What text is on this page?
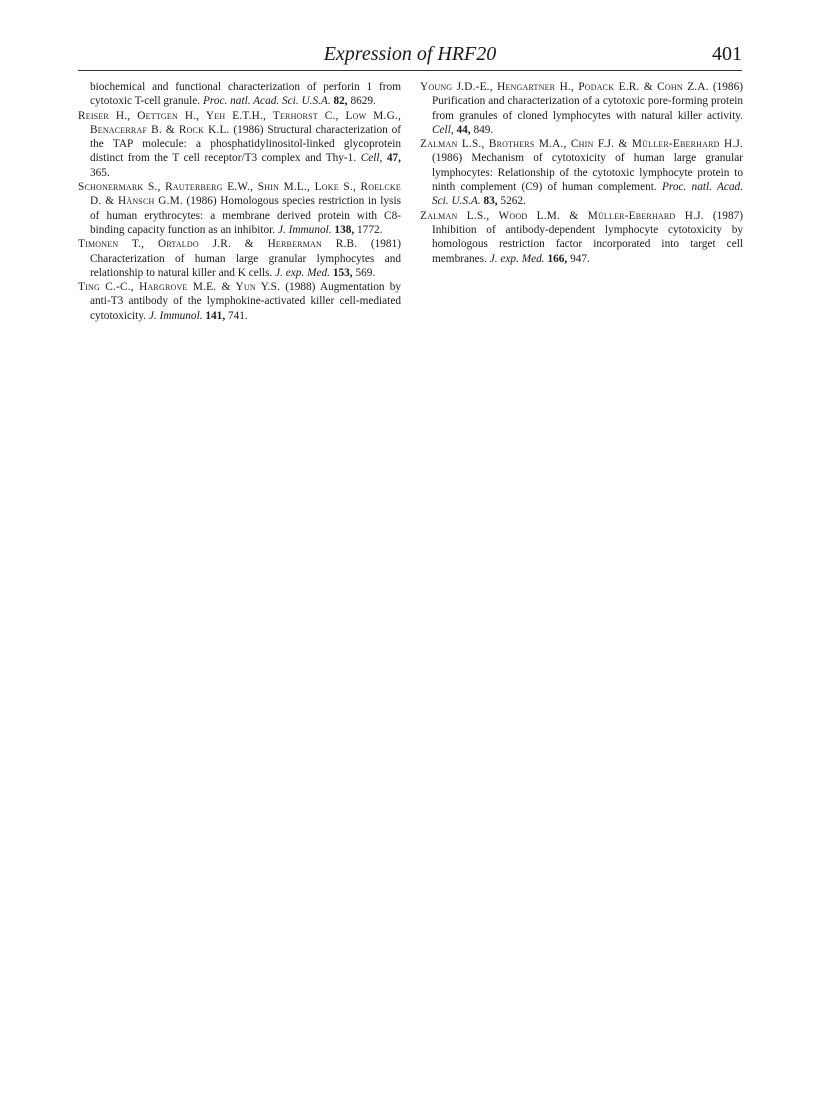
Expression of HRF20	401

biochemical and functional characterization of perforin 1 from cytotoxic T-cell granule. Proc. natl. Acad. Sci. U.S.A. 82, 8629.

Reiser H., Oettgen H., Yeh E.T.H., Terhorst C., Low M.G., Benacerraf B. & Rock K.L. (1986) Structural characterization of the TAP molecule: a phosphatidylinositol-linked glycoprotein distinct from the T cell receptor/T3 complex and Thy-1. Cell, 47, 365.

Schonermark S., Rauterberg E.W., Shin M.L., Loke S., Roelcke D. & Hänsch G.M. (1986) Homologous species restriction in lysis of human erythrocytes: a membrane derived protein with C8-binding capacity function as an inhibitor. J. Immunol. 138, 1772.

Timonen T., Ortaldo J.R. & Herberman R.B. (1981) Characterization of human large granular lymphocytes and relationship to natural killer and K cells. J. exp. Med. 153, 569.

Ting C.-C., Hargrove M.E. & Yun Y.S. (1988) Augmentation by anti-T3 antibody of the lymphokine-activated killer cell-mediated cytotoxicity. J. Immunol. 141, 741.

Young J.D.-E., Hengartner H., Podack E.R. & Cohn Z.A. (1986) Purification and characterization of a cytotoxic pore-forming protein from granules of cloned lymphocytes with natural killer activity. Cell, 44, 849.

Zalman L.S., Brothers M.A., Chin F.J. & Müller-Eberhard H.J. (1986) Mechanism of cytotoxicity of human large granular lymphocytes: Relationship of the cytotoxic lymphocyte protein to ninth complement (C9) of human complement. Proc. natl. Acad. Sci. U.S.A. 83, 5262.

Zalman L.S., Wood L.M. & Müller-Eberhard H.J. (1987) Inhibition of antibody-dependent lymphocyte cytotoxicity by homologous restriction factor incorporated into target cell membranes. J. exp. Med. 166, 947.
